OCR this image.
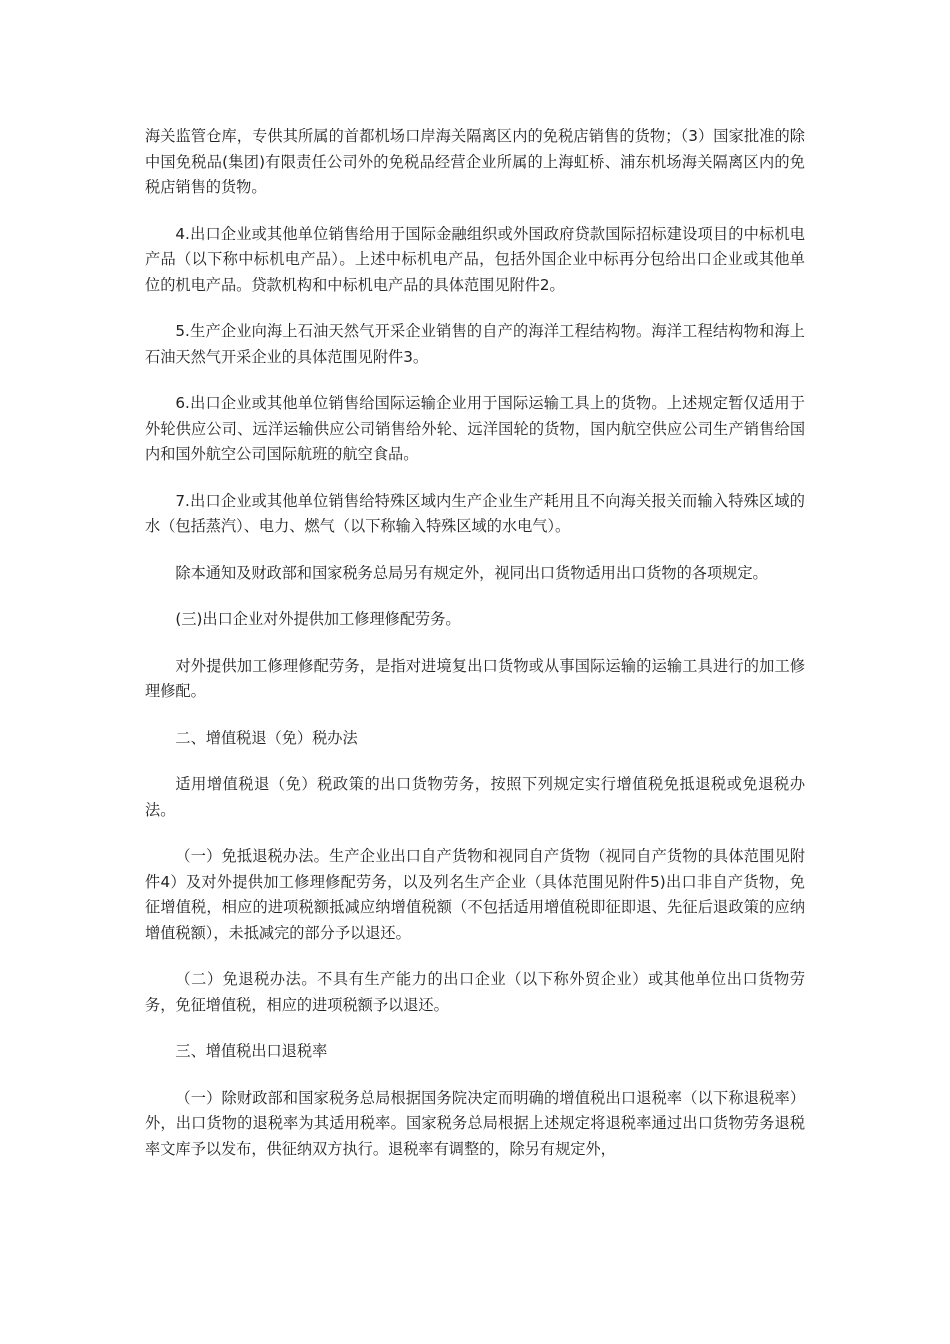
海关监管仓库，专供其所属的首都机场口岸海关隔离区内的免税店销售的货物；（3）国家批准的除中国免税品(集团)有限责任公司外的免税品经营企业所属的上海虹桥、浦东机场海关隔离区内的免税店销售的货物。

4.出口企业或其他单位销售给用于国际金融组织或外国政府贷款国际招标建设项目的中标机电产品（以下称中标机电产品）。上述中标机电产品，包括外国企业中标再分包给出口企业或其他单位的机电产品。贷款机构和中标机电产品的具体范围见附件2。

5.生产企业向海上石油天然气开采企业销售的自产的海洋工程结构物。海洋工程结构物和海上石油天然气开采企业的具体范围见附件3。

6.出口企业或其他单位销售给国际运输企业用于国际运输工具上的货物。上述规定暂仅适用于外轮供应公司、远洋运输供应公司销售给外轮、远洋国轮的货物，国内航空供应公司生产销售给国内和国外航空公司国际航班的航空食品。

7.出口企业或其他单位销售给特殊区域内生产企业生产耗用且不向海关报关而输入特殊区域的水（包括蒸汽）、电力、燃气（以下称输入特殊区域的水电气）。

除本通知及财政部和国家税务总局另有规定外，视同出口货物适用出口货物的各项规定。

(三)出口企业对外提供加工修理修配劳务。

对外提供加工修理修配劳务，是指对进境复出口货物或从事国际运输的运输工具进行的加工修理修配。

二、增值税退（免）税办法

适用增值税退（免）税政策的出口货物劳务，按照下列规定实行增值税免抵退税或免退税办法。

（一）免抵退税办法。生产企业出口自产货物和视同自产货物（视同自产货物的具体范围见附件4）及对外提供加工修理修配劳务，以及列名生产企业（具体范围见附件5)出口非自产货物，免征增值税，相应的进项税额抵减应纳增值税额（不包括适用增值税即征即退、先征后退政策的应纳增值税额），未抵减完的部分予以退还。

（二）免退税办法。不具有生产能力的出口企业（以下称外贸企业）或其他单位出口货物劳务，免征增值税，相应的进项税额予以退还。

三、增值税出口退税率

（一）除财政部和国家税务总局根据国务院决定而明确的增值税出口退税率（以下称退税率）外，出口货物的退税率为其适用税率。国家税务总局根据上述规定将退税率通过出口货物劳务退税率文库予以发布，供征纳双方执行。退税率有调整的，除另有规定外，
